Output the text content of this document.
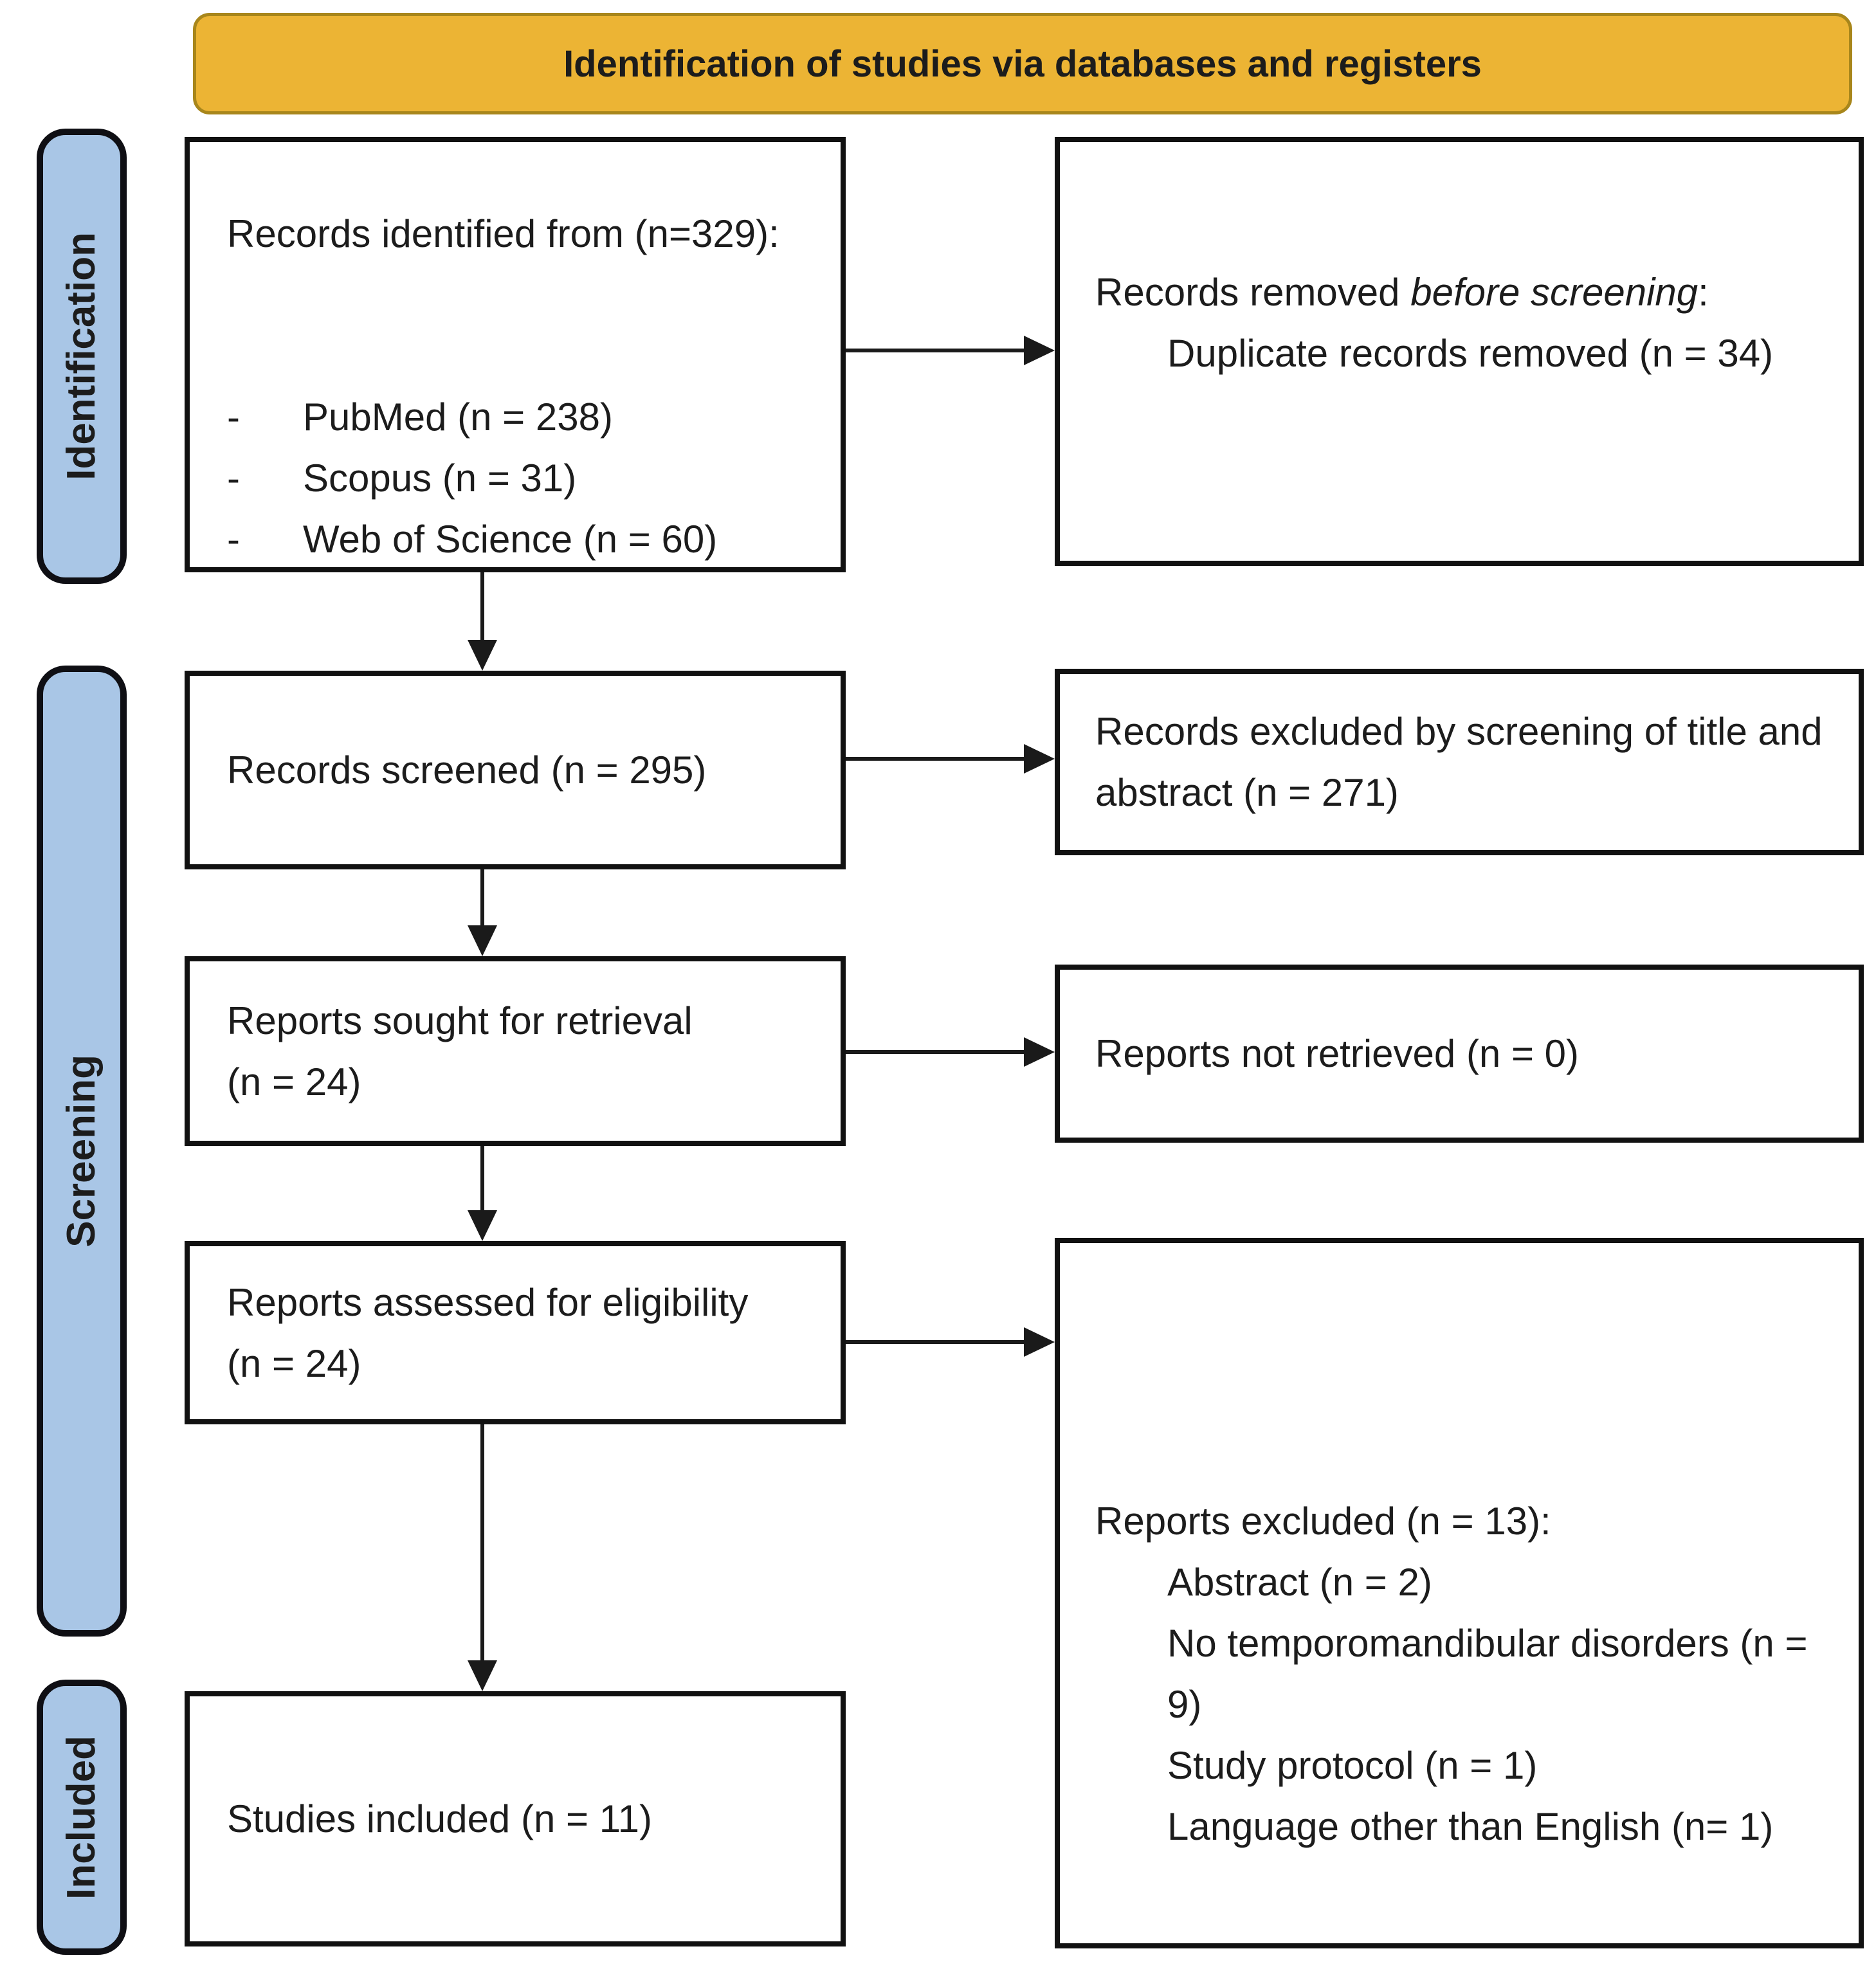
Identification of studies via databases and registers
Identification
Screening
Included
Records identified from (n=329):
-	PubMed (n = 238)
-	Scopus (n = 31)
-	Web of Science (n = 60)
Records removed before screening:
Duplicate records removed (n = 34)
Records screened (n = 295)
Records excluded by screening of title and abstract (n = 271)
Reports sought for retrieval
(n = 24)
Reports not retrieved (n = 0)
Reports assessed for eligibility
(n = 24)
Reports excluded (n = 13):
Abstract (n = 2)
No temporomandibular disorders (n = 9)
Study protocol (n = 1)
Language other than English (n= 1)
Studies included (n = 11)
